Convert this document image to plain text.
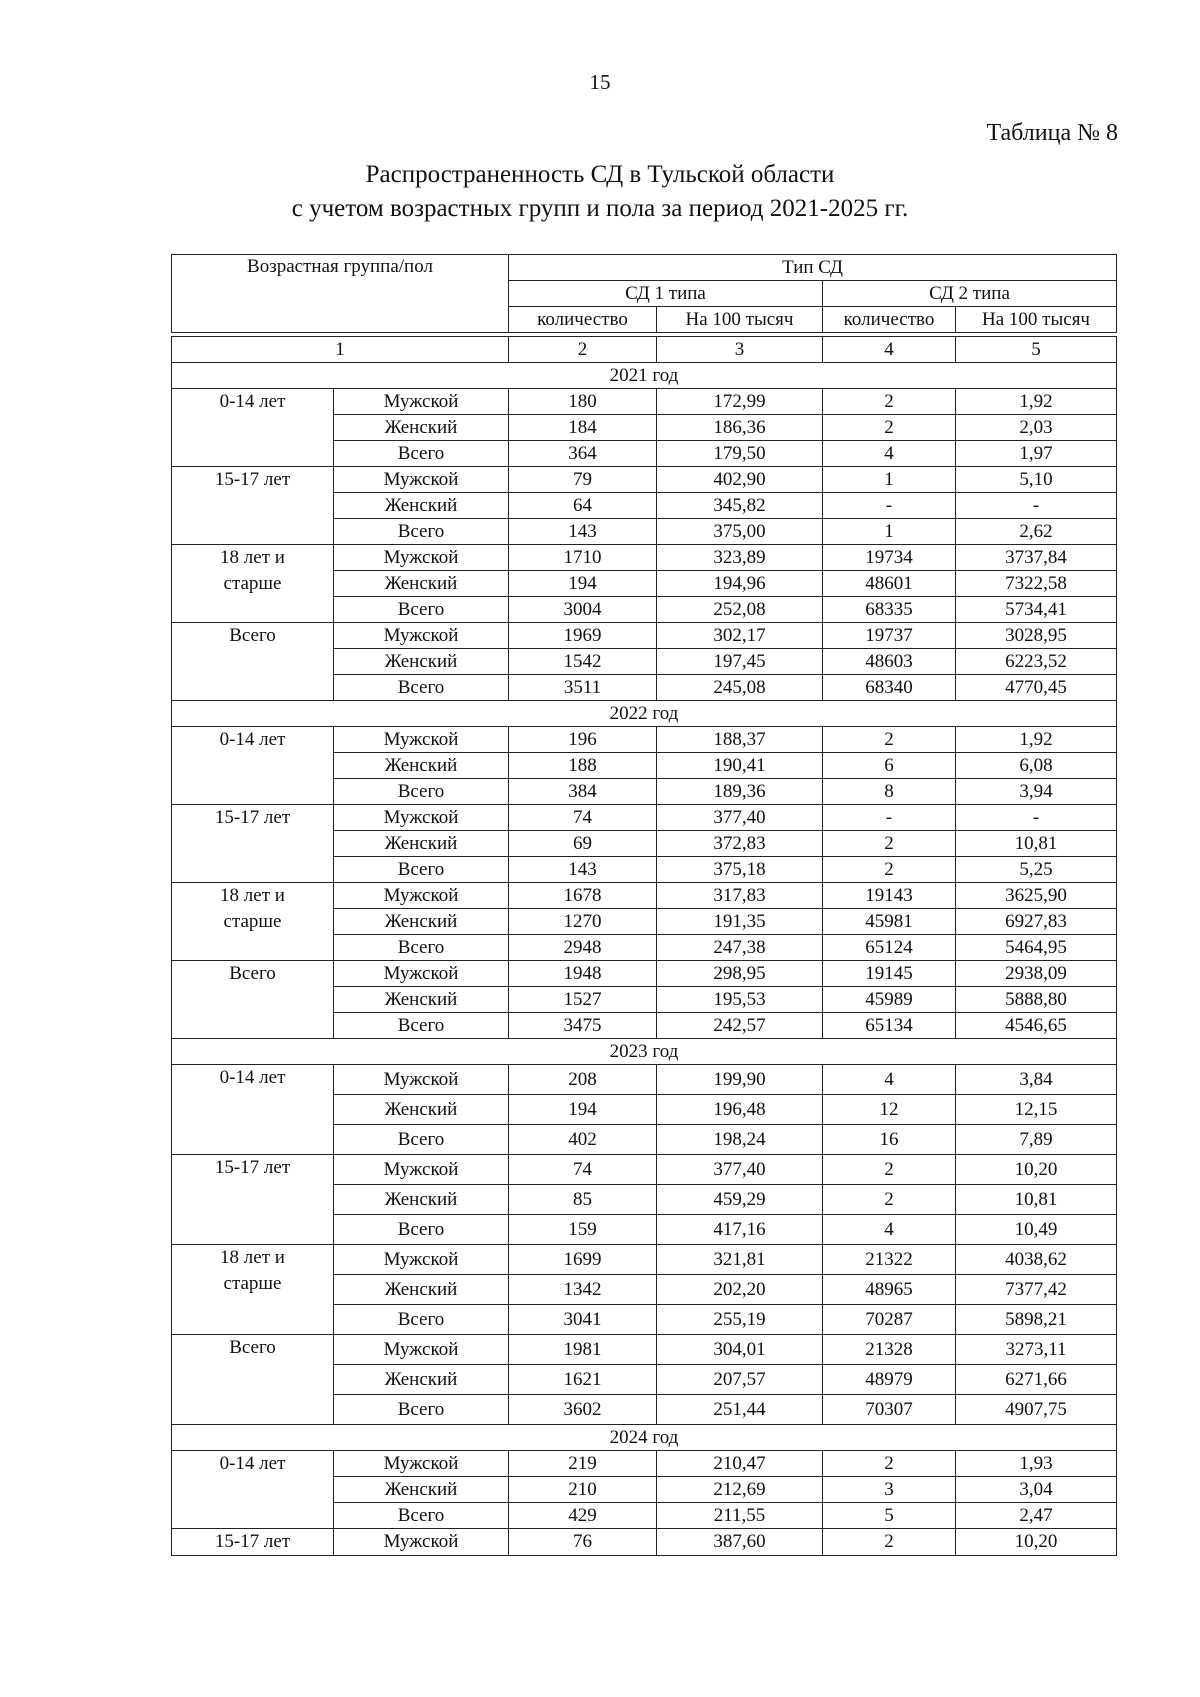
15
Таблица № 8
Распространенность СД в Тульской области
с учетом возрастных групп и пола за период 2021-2025 гг.
Возрастная группа/пол		Тип СД			
		СД 1 типа		СД 2 типа	
		количество	На 100 тысяч	количество	На 100 тысяч

1		2	3	4	5
2021 год					

0-14 лет	Мужской	180	172,99	2	1,92
	Женский	184	186,36	2	2,03
	Всего	364	179,50	4	1,97

15-17 лет	Мужской	79	402,90	1	5,10
	Женский	64	345,82	-	-
	Всего	143	375,00	1	2,62

18 лет и
старше	Мужской	1710	323,89	19734	3737,84
	Женский	194	194,96	48601	7322,58
	Всего	3004	252,08	68335	5734,41

Всего	Мужской	1969	302,17	19737	3028,95
	Женский	1542	197,45	48603	6223,52
	Всего	3511	245,08	68340	4770,45
2022 год					

0-14 лет	Мужской	196	188,37	2	1,92
	Женский	188	190,41	6	6,08
	Всего	384	189,36	8	3,94

15-17 лет	Мужской	74	377,40	-	-
	Женский	69	372,83	2	10,81
	Всего	143	375,18	2	5,25

18 лет и
старше	Мужской	1678	317,83	19143	3625,90
	Женский	1270	191,35	45981	6927,83
	Всего	2948	247,38	65124	5464,95

Всего	Мужской	1948	298,95	19145	2938,09
	Женский	1527	195,53	45989	5888,80
	Всего	3475	242,57	65134	4546,65
2023 год					

0-14 лет	Мужской	208	199,90	4	3,84
	Женский	194	196,48	12	12,15
	Всего	402	198,24	16	7,89

15-17 лет	Мужской	74	377,40	2	10,20
	Женский	85	459,29	2	10,81
	Всего	159	417,16	4	10,49

18 лет и
старше	Мужской	1699	321,81	21322	4038,62
	Женский	1342	202,20	48965	7377,42
	Всего	3041	255,19	70287	5898,21

Всего	Мужской	1981	304,01	21328	3273,11
	Женский	1621	207,57	48979	6271,66
	Всего	3602	251,44	70307	4907,75
2024 год					

0-14 лет	Мужской	219	210,47	2	1,93
	Женский	210	212,69	3	3,04
	Всего	429	211,55	5	2,47

15-17 лет	Мужской	76	387,60	2	10,20
